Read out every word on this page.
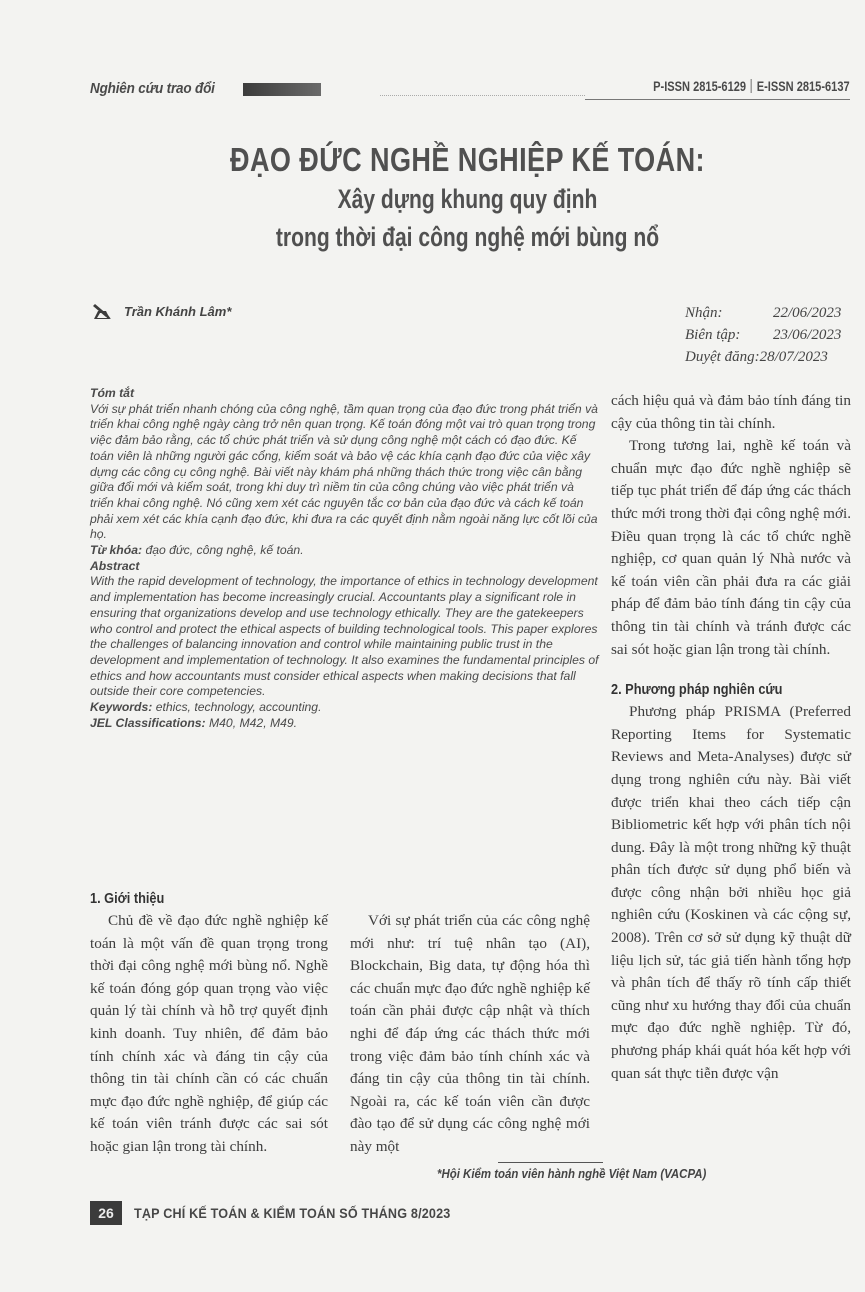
Nghiên cứu trao đổi	P-ISSN 2815-6129 E-ISSN 2815-6137
ĐẠO ĐỨC NGHỀ NGHIỆP KẾ TOÁN:
Xây dựng khung quy định
trong thời đại công nghệ mới bùng nổ
Trần Khánh Lâm*	Nhận:	22/06/2023
Biên tập:	23/06/2023
Duyệt đăng: 28/07/2023

Tóm tắt

Với sự phát triển nhanh chóng của công nghệ, tầm quan trọng của đạo đức trong phát triển và triển khai công nghệ ngày càng trở nên quan trọng. Kế toán đóng một vai trò quan trọng trong việc đảm bảo rằng, các tổ chức phát triển và sử dụng công nghệ một cách có đạo đức. Kế toán viên là những người gác cổng, kiểm soát và bảo vệ các khía cạnh đạo đức của việc xây dựng các công cụ công nghệ. Bài viết này khám phá những thách thức trong việc cân bằng giữa đổi mới và kiểm soát, trong khi duy trì niềm tin của công chúng vào việc phát triển và triển khai công nghệ. Nó cũng xem xét các nguyên tắc cơ bản của đạo đức và cách kế toán phải xem xét các khía cạnh đạo đức, khi đưa ra các quyết định nằm ngoài năng lực cốt lõi của họ.

Từ khóa: đạo đức, công nghệ, kế toán.

Abstract

With the rapid development of technology, the importance of ethics in technology development and implementation has become increasingly crucial. Accountants play a significant role in ensuring that organizations develop and use technology ethically. They are the gatekeepers who control and protect the ethical aspects of building technological tools. This paper explores the challenges of balancing innovation and control while maintaining public trust in the development and implementation of technology. It also examines the fundamental principles of ethics and how accountants must consider ethical aspects when making decisions that fall outside their core competencies.

Keywords: ethics, technology, accounting.

JEL Classifications: M40, M42, M49.

cách hiệu quả và đảm bảo tính đáng tin cậy của thông tin tài chính.

Trong tương lai, nghề kế toán và chuẩn mực đạo đức nghề nghiệp sẽ tiếp tục phát triển để đáp ứng các thách thức mới trong thời đại công nghệ mới. Điều quan trọng là các tổ chức nghề nghiệp, cơ quan quản lý Nhà nước và kế toán viên cần phải đưa ra các giải pháp để đảm bảo tính đáng tin cậy của thông tin tài chính và tránh được các sai sót hoặc gian lận trong tài chính.

2. Phương pháp nghiên cứu

Phương pháp PRISMA (Preferred Reporting Items for Systematic Reviews and Meta-Analyses) được sử dụng trong nghiên cứu này. Bài viết được triển khai theo cách tiếp cận Bibliometric kết hợp với phân tích nội dung. Đây là một trong những kỹ thuật phân tích được sử dụng phổ biến và được công nhận bởi nhiều học giả nghiên cứu (Koskinen và các cộng sự, 2008). Trên cơ sở sử dụng kỹ thuật dữ liệu lịch sử, tác giả tiến hành tổng hợp và phân tích để thấy rõ tính cấp thiết cũng như xu hướng thay đổi của chuẩn mực đạo đức nghề nghiệp. Từ đó, phương pháp khái quát hóa kết hợp với quan sát thực tiễn được vận

1. Giới thiệu

Chủ đề về đạo đức nghề nghiệp kế toán là một vấn đề quan trọng trong thời đại công nghệ mới bùng nổ. Nghề kế toán đóng góp quan trọng vào việc quản lý tài chính và hỗ trợ quyết định kinh doanh. Tuy nhiên, để đảm bảo tính chính xác và đáng tin cậy của thông tin tài chính cần có các chuẩn mực đạo đức nghề nghiệp, để giúp các kế toán viên tránh được các sai sót hoặc gian lận trong tài chính.

Với sự phát triển của các công nghệ mới như: trí tuệ nhân tạo (AI), Blockchain, Big data, tự động hóa thì các chuẩn mực đạo đức nghề nghiệp kế toán cần phải được cập nhật và thích nghi để đáp ứng các thách thức mới trong việc đảm bảo tính chính xác và đáng tin cậy của thông tin tài chính. Ngoài ra, các kế toán viên cần được đào tạo để sử dụng các công nghệ mới này một

*Hội Kiểm toán viên hành nghề Việt Nam (VACPA)
26	TẠP CHÍ KẾ TOÁN & KIỂM TOÁN SỐ THÁNG 8/2023
